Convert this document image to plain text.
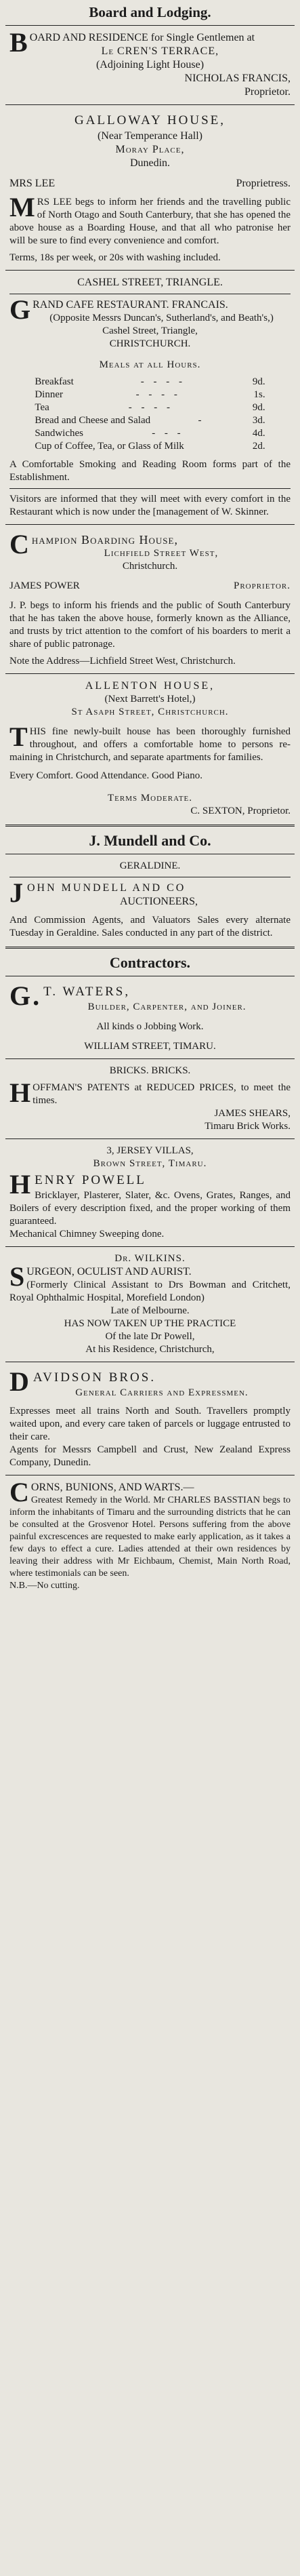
Board and Lodging.
BOARD AND RESIDENCE for Single Gentlemen at
Le CREN'S TERRACE,
(Adjoining Light House)
NICHOLAS FRANCIS,
Proprietor.
GALLOWAY HOUSE,
(Near Temperance Hall)
Moray Place,
Dunedin.
MRS LEE	Proprietress.
MRS LEE begs to inform her friends and the travelling public of North Otago and South Canterbury, that she has opened the above house as a Boarding House, and that all who patronise her will be sure to find every convenience and comfort.
Terms, 18s per week, or 20s with washing included.
CASHEL STREET, TRIANGLE.
GRAND CAFE RESTAURANT. FRANCAIS.
(Opposite Messrs Duncan's, Sutherland's, and Beath's,)
Cashel Street, Triangle,
CHRISTCHURCH.
Meals at all Hours.
Breakfast	- - - -	9d.
Dinner	- - - -	1s.
Tea	- - - -	9d.
Bread and Cheese and Salad	-	3d.
Sandwiches	- - -	4d.
Cup of Coffee, Tea, or Glass of Milk	2d.
A Comfortable Smoking and Reading Room forms part of the Establishment.
Visitors are informed that they will meet with every comfort in the Restaurant which is now under the [management of W. Skinner.
Champion Boarding House,
Lichfield Street West,
Christchurch.
JAMES POWER	Proprietor.
J. P. begs to inform his friends and the public of South Canterbury that he has taken the above house, formerly known as the Alliance, and trusts by trict attention to the comfort of his boarders to merit a share of public patronage.
Note the Address—Lichfield Street West, Christchurch.
ALLENTON HOUSE,
(Next Barrett's Hotel,)
St Asaph Street, Christchurch.
THIS fine newly-built house has been thoroughly furnished throughout, and offers a comfortable home to persons re-maining in Christchurch, and separate apartments for families.
Every Comfort. Good Attendance. Good Piano.
Terms Moderate.
C. SEXTON, Proprietor.
J. Mundell and Co.
GERALDINE.
JOHN MUNDELL AND CO
AUCTIONEERS,
And Commission Agents, and Valuators Sales every alternate Tuesday in Geraldine. Sales conducted in any part of the district.
Contractors.
G.T. WATERS,
Builder, Carpenter, and Joiner.
All kinds o Jobbing Work.
WILLIAM STREET, TIMARU.
BRICKS. BRICKS.
HOFFMAN'S PATENTS at REDUCED PRICES, to meet the times.
JAMES SHEARS,
Timaru Brick Works.
3, JERSEY VILLAS,
Brown Street, Timaru.
HENRY POWELL
Bricklayer, Plasterer, Slater, &c. Ovens, Grates, Ranges, and Boilers of every description fixed, and the proper working of them guaranteed.
Mechanical Chimney Sweeping done.
Dr. WILKINS.
SURGEON, OCULIST AND AURIST.
(Formerly Clinical Assistant to Drs Bowman and Critchett, Royal Ophthalmic Hospital, Morefield London)
Late of Melbourne.
HAS NOW TAKEN UP THE PRACTICE
Of the late Dr Powell,
At his Residence, Christchurch,
DAVIDSON BROS.
General Carriers and Expressmen.
Expresses meet all trains North and South. Travellers promptly waited upon, and every care taken of parcels or luggage entrusted to their care.
Agents for Messrs Campbell and Crust, New Zealand Express Company, Dunedin.
CORNS, BUNIONS, AND WARTS.—
Greatest Remedy in the World. Mr CHARLES BASSTIAN begs to inform the inhabitants of Timaru and the surrounding districts that he can be consulted at the Grosvenor Hotel. Persons suffering from the above painful excrescences are requested to make early application, as it takes a few days to effect a cure. Ladies attended at their own residences by leaving their address with Mr Eichbaum, Chemist, Main North Road, where testimonials can be seen.
N.B.—No cutting.
